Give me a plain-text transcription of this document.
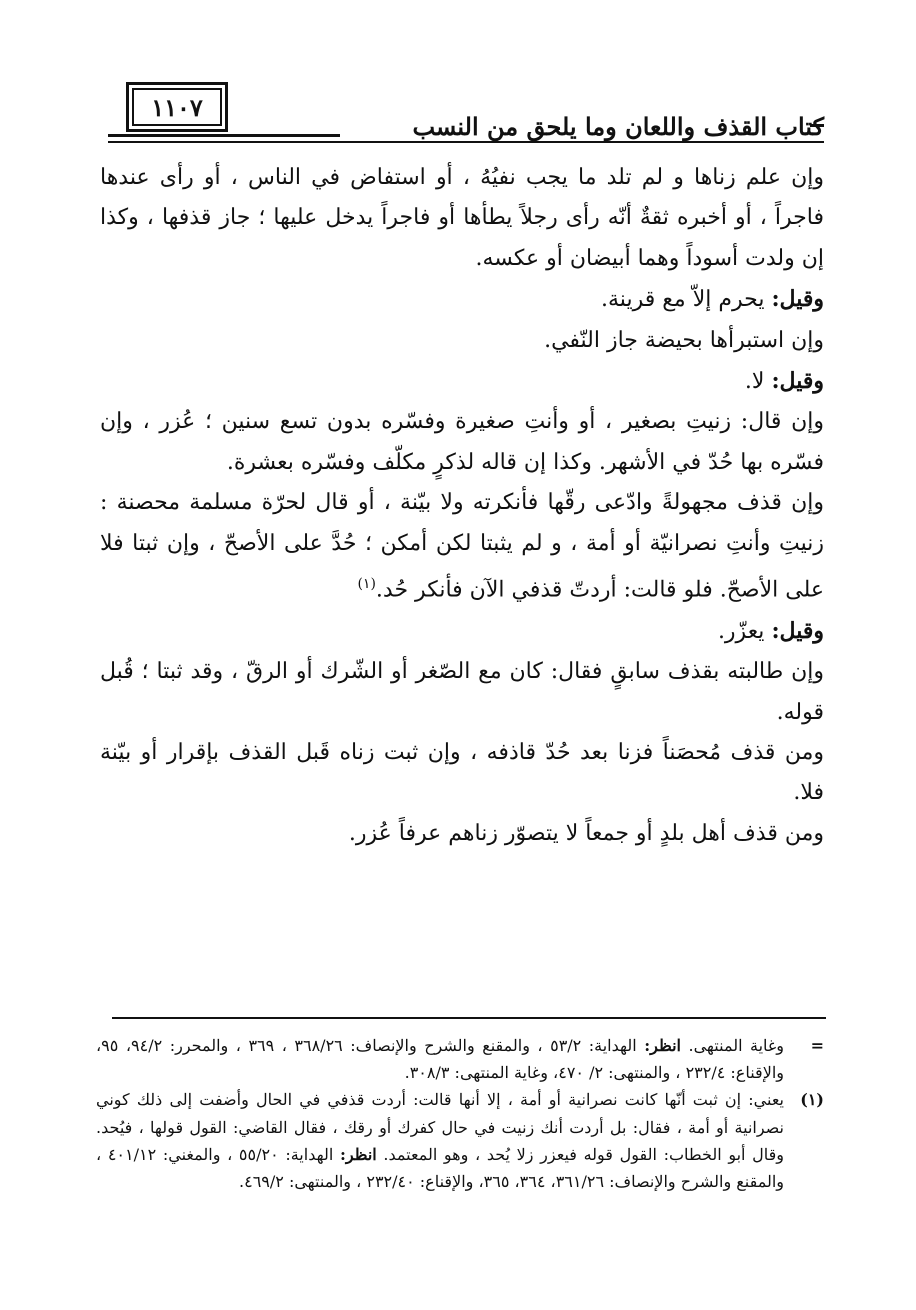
١١٠٧
كتاب القذف واللعان وما يلحق من النسب

وإن علم زناها و لم تلد ما يجب نفيُهُ ، أو استفاض في الناس ، أو رأى عندها فاجراً ، أو أخبره ثقةٌ أنّه رأى رجلاً يطأها أو فاجراً يدخل عليها ؛ جاز قذفها ، وكذا إن ولدت أسوداً وهما أبيضان أو عكسه.

وقيل: يحرم إلاّ مع قرينة.

وإن استبرأها بحيضة جاز النّفي.

وقيل: لا.

وإن قال: زنيتِ بصغير ، أو وأنتِ صغيرة وفسّره بدون تسع سنين ؛ عُزر ، وإن فسّره بها حُدّ في الأشهر. وكذا إن قاله لذكرٍ مكلّف وفسّره بعشرة.

وإن قذف مجهولةً وادّعى رقّها فأنكرته ولا بيّنة ، أو قال لحرّة مسلمة محصنة : زنيتِ وأنتِ نصرانيّة أو أمة ، و لم يثبتا لكن أمكن ؛ حُدَّ على الأصحّ ، وإن ثبتا فلا على الأصحّ. فلو قالت: أردتّ قذفي الآن فأنكر حُد.$^{(١)}$

وقيل: يعزّر.

وإن طالبته بقذف سابقٍ فقال: كان مع الصّغر أو الشّرك أو الرقّ ، وقد ثبتا ؛ قُبل قوله.

ومن قذف مُحصَناً فزنا بعد حُدّ قاذفه ، وإن ثبت زناه قَبل القذف بإقرار أو بيّنة فلا.

ومن قذف أهل بلدٍ أو جمعاً لا يتصوّر زناهم عرفاً عُزر.

=
وغاية المنتهى. انظر: الهداية: ٥٣/٢ ، والمقنع والشرح والإنصاف: ٣٦٨/٢٦ ، ٣٦٩ ، والمحرر: ٩٤/٢، ٩٥، والإقناع: ٢٣٢/٤ ، والمنتهى: ٢/ ٤٧٠، وغاية المنتهى: ٣٠٨/٣.
(١)
يعني: إن ثبت أنّها كانت نصرانية أو أمة ، إلا أنها قالت: أردت قذفي في الحال وأضفت إلى ذلك كوني نصرانية أو أمة ، فقال: بل أردت أنك زنيت في حال كفرك أو رقك ، فقال القاضي: القول قولها ، فيُحد. وقال أبو الخطاب: القول قوله فيعزر زلا يُحد ، وهو المعتمد. انظر: الهداية: ٥٥/٢٠ ، والمغني: ٤٠١/١٢ ، والمقنع والشرح والإنصاف: ٣٦١/٢٦، ٣٦٤، ٣٦٥، والإقناع: ٢٣٢/٤٠ ، والمنتهى: ٤٦٩/٢.
